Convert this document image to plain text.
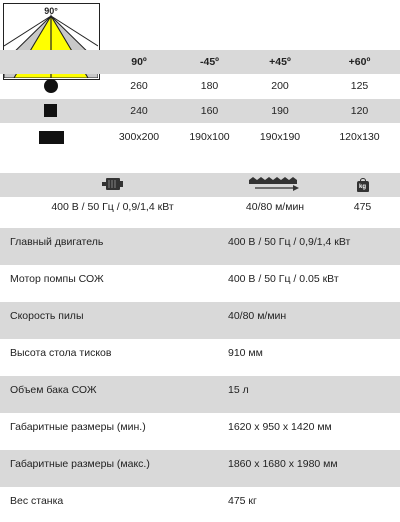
90°
90º	-45º	+45º	+60º
260	180	200	125
240	160	190	120
300x200	190x100	190x190	120x130
kg
400 В / 50 Гц / 0,9/1,4 кВт	40/80 м/мин	475
Главный двигатель	400 В / 50 Гц / 0,9/1,4 кВт
Мотор помпы СОЖ	400 В / 50 Гц / 0.05 кВт
Скорость пилы	40/80 м/мин
Высота стола тисков	910 мм
Объем бака СОЖ	15 л
Габаритные размеры (мин.)	1620 x 950 x 1420 мм
Габаритные размеры (макс.)	1860 x 1680 x 1980 мм
Вес станка	475 кг
